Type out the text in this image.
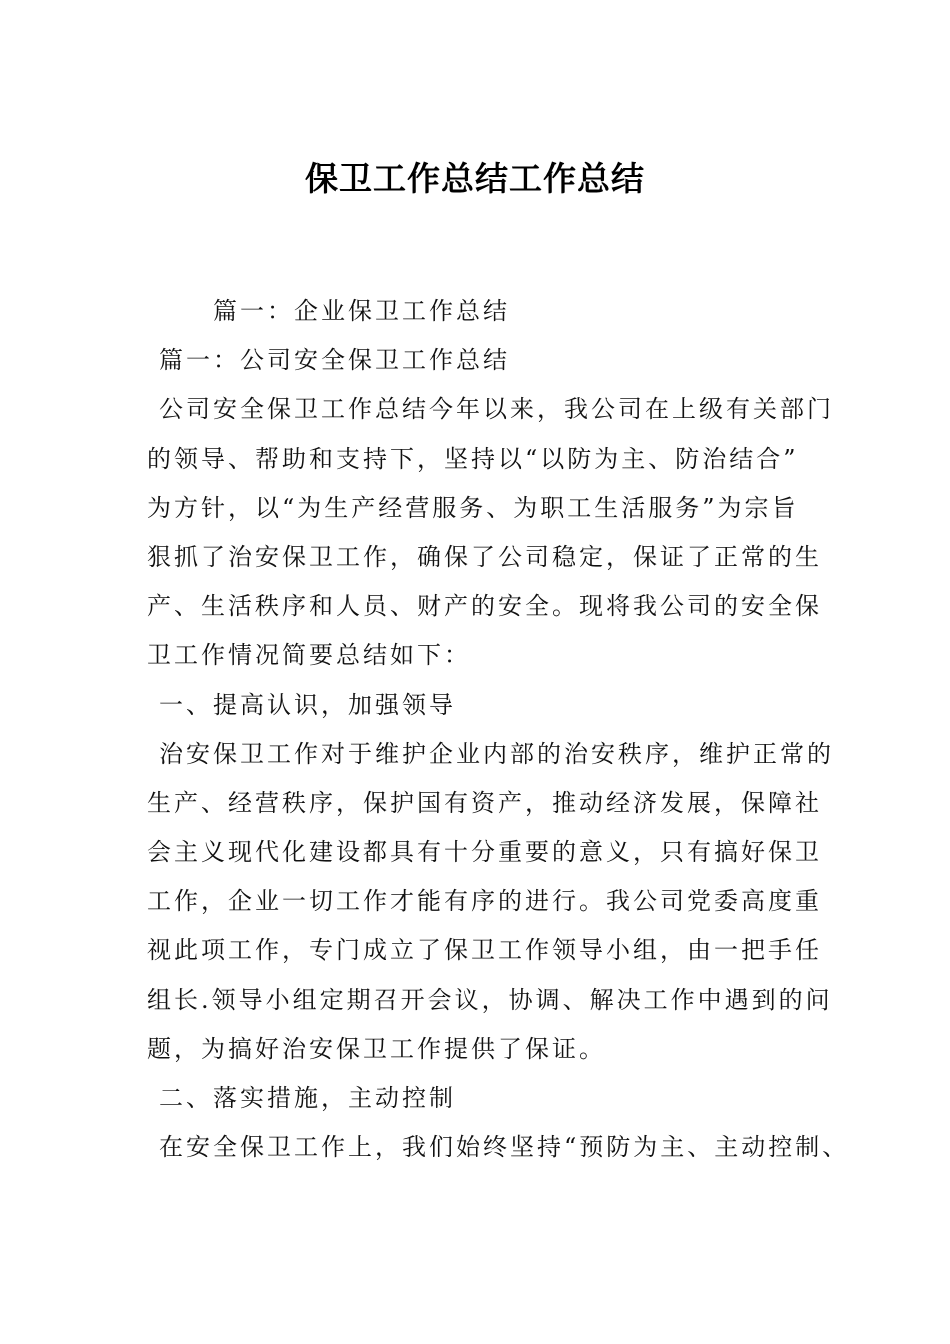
保卫工作总结工作总结
篇一：企业保卫工作总结
篇一：公司安全保卫工作总结
公司安全保卫工作总结今年以来，我公司在上级有关部门
的领导、帮助和支持下，坚持以“以防为主、防治结合”
为方针，以“为生产经营服务、为职工生活服务”为宗旨
狠抓了治安保卫工作，确保了公司稳定，保证了正常的生
产、生活秩序和人员、财产的安全。现将我公司的安全保
卫工作情况简要总结如下：
一、提高认识，加强领导
治安保卫工作对于维护企业内部的治安秩序，维护正常的
生产、经营秩序，保护国有资产，推动经济发展，保障社
会主义现代化建设都具有十分重要的意义，只有搞好保卫
工作，企业一切工作才能有序的进行。我公司党委高度重
视此项工作，专门成立了保卫工作领导小组，由一把手任
组长.领导小组定期召开会议，协调、解决工作中遇到的问
题，为搞好治安保卫工作提供了保证。
二、落实措施，主动控制
在安全保卫工作上，我们始终坚持“预防为主、主动控制、
